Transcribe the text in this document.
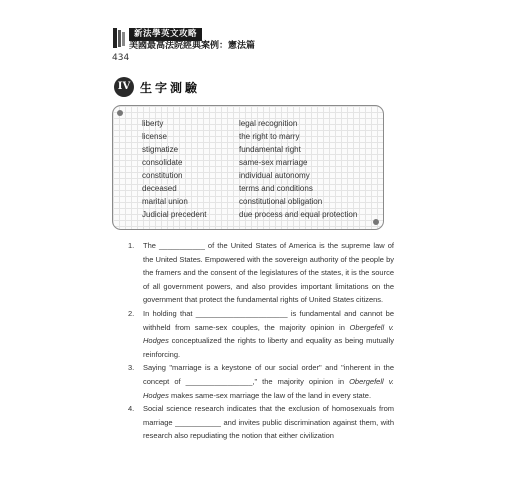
新法學英文攻略
美國最高法院經典案例：憲法篇
434
IV 生字測驗
liberty
license
stigmatize
consolidate
constitution
deceased
marital union
Judicial precedent
legal recognition
the right to marry
fundamental right
same-sex marriage
individual autonomy
terms and conditions
constitutional obligation
due process and equal protection
1.	The ___________ of the United States of America is the supreme law of the United States. Empowered with the sovereign authority of the people by the framers and the consent of the legislatures of the states, it is the source of all government powers, and also provides important limitations on the government that protect the fundamental rights of United States citizens.
2.	In holding that ______________________ is fundamental and cannot be withheld from same-sex couples, the majority opinion in Obergefell v. Hodges conceptualized the rights to liberty and equality as being mutually reinforcing.
3.	Saying "marriage is a keystone of our social order" and "inherent in the concept of ________________," the majority opinion in Obergefell v. Hodges makes same-sex marriage the law of the land in every state.
4.	Social science research indicates that the exclusion of homosexuals from marriage ___________ and invites public discrimination against them, with research also repudiating the notion that either civilization
